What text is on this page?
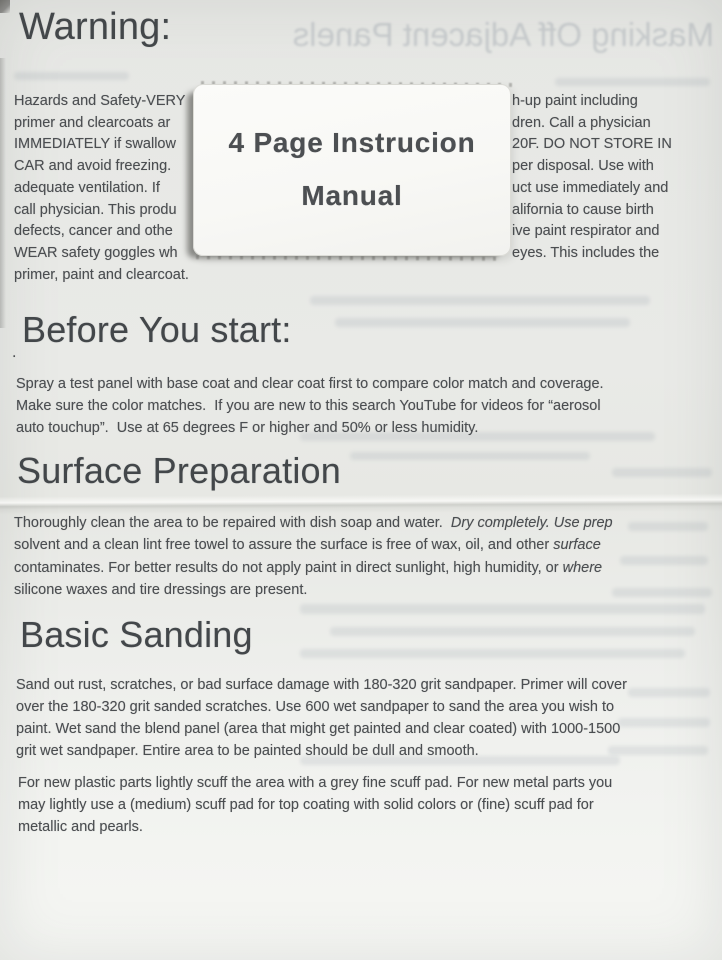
Masking Off Adjacent Panels
Warning:
Before You start:
Surface Preparation
Basic Sanding
.
Hazards and Safety-VERY	h-up paint including
primer and clearcoats ar	dren. Call a physician
IMMEDIATELY if swallow	20F. DO NOT STORE IN
CAR and avoid freezing.	per disposal. Use with
adequate ventilation. If	uct use immediately and
call physician. This produ	alifornia to cause birth
defects, cancer and othe	ive paint respirator and
WEAR safety goggles wh	eyes. This includes the
primer, paint and clearcoat.
Spray a test panel with base coat and clear coat first to compare color match and coverage.
Make sure the color matches.  If you are new to this search YouTube for videos for “aerosol
auto touchup”.  Use at 65 degrees F or higher and 50% or less humidity.
Thoroughly clean the area to be repaired with dish soap and water.  Dry completely. Use prep
solvent and a clean lint free towel to assure the surface is free of wax, oil, and other surface
contaminates. For better results do not apply paint in direct sunlight, high humidity, or where
silicone waxes and tire dressings are present.
Sand out rust, scratches, or bad surface damage with 180-320 grit sandpaper. Primer will cover
over the 180-320 grit sanded scratches. Use 600 wet sandpaper to sand the area you wish to
paint. Wet sand the blend panel (area that might get painted and clear coated) with 1000-1500
grit wet sandpaper. Entire area to be painted should be dull and smooth.
For new plastic parts lightly scuff the area with a grey fine scuff pad. For new metal parts you
may lightly use a (medium) scuff pad for top coating with solid colors or (fine) scuff pad for
metallic and pearls.
4 Page Instrucion
Manual
